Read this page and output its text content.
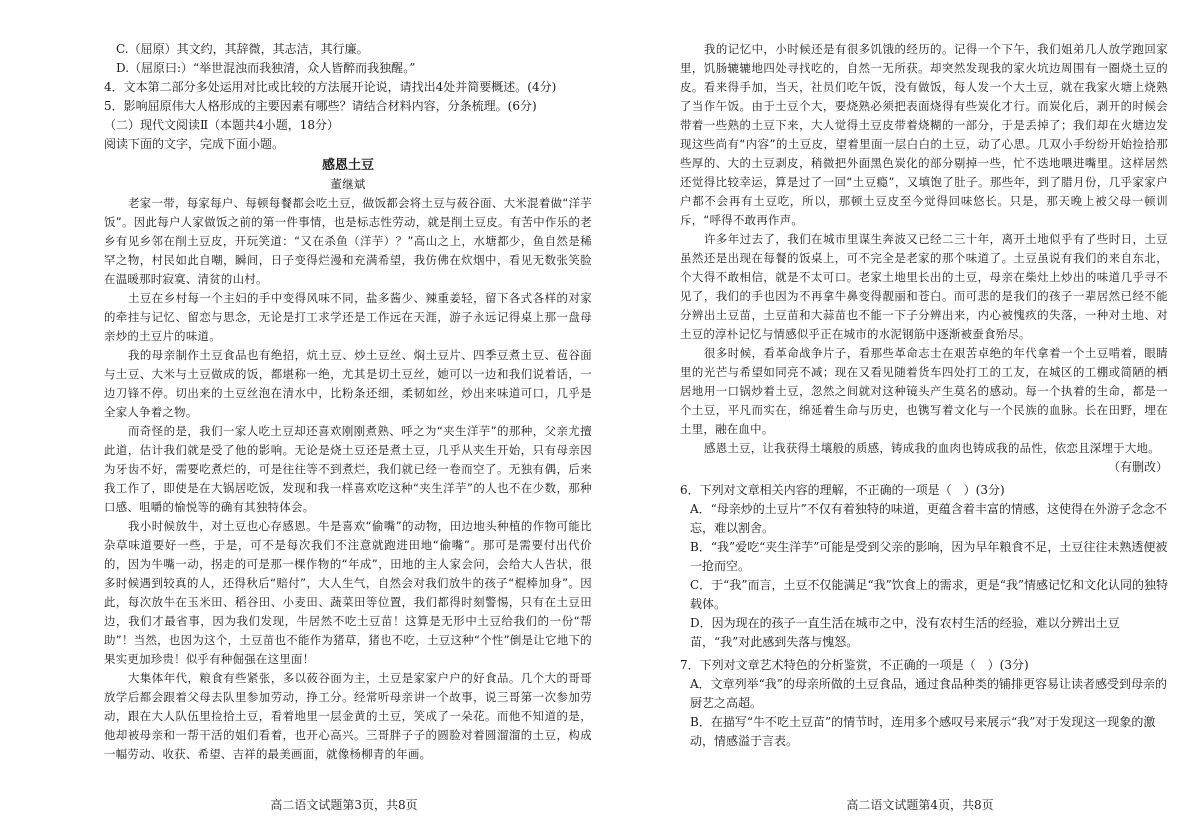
C.（屈原）其文约，其辞微，其志洁，其行廉。
D.（屈原曰:）“举世混浊而我独清，众人皆醉而我独醒。”
4．文本第二部分多处运用对比或比较的方法展开论说，请找出4处并简要概述。(4分)
5．影响屈原伟大人格形成的主要因素有哪些？请结合材料内容，分条梳理。(6分)
（二）现代文阅读Ⅱ（本题共4小题，18分）
阅读下面的文字，完成下面小题。
感恩土豆
董继斌

老家一带，每家每户、每顿每餐都会吃土豆，做饭都会将土豆与莜谷面、大米混着做“洋芋饭”。因此每户人家做饭之前的第一件事情，也是标志性劳动，就是削土豆皮。有苦中作乐的老乡有见乡邻在削土豆皮，开玩笑道：“又在杀鱼（洋芋）？”高山之上，水塘都少，鱼自然是稀罕之物，村民如此自嘲，瞬间，日子变得烂漫和充满希望，我仿佛在炊烟中，看见无数张笑脸在温暖那时寂寞、清贫的山村。

土豆在乡村每一个主妇的手中变得风味不同，盐多酱少、辣重姜轻，留下各式各样的对家的牵挂与记忆、留恋与思念，无论是打工求学还是工作远在天涯，游子永远记得桌上那一盘母亲炒的土豆片的味道。

我的母亲制作土豆食品也有绝招，炕土豆、炒土豆丝、焖土豆片、四季豆煮土豆、苞谷面与土豆、大米与土豆做成的饭，都堪称一绝，尤其是切土豆丝，她可以一边和我们说着话，一边刀锋不停。切出来的土豆丝泡在清水中，比粉条还细，柔韧如丝，炒出来味道可口，几乎是全家人争着之物。

而奇怪的是，我们一家人吃土豆却还喜欢刚刚煮熟、呼之为“夹生洋芋”的那种，父亲尤擅此道，估计我们就是受了他的影响。无论是烧土豆还是煮土豆，几乎从夹生开始，只有母亲因为牙齿不好，需要吃煮烂的，可是往往等不到煮烂，我们就已经一卷而空了。无独有偶，后来我工作了，即使是在大锅居吃饭，发现和我一样喜欢吃这种“夹生洋芋”的人也不在少数，那种口感、咀嚼的愉悦等的确有其独特体会。

我小时候放牛，对土豆也心存感恩。牛是喜欢“偷嘴”的动物，田边地头种植的作物可能比杂草味道要好一些，于是，可不是每次我们不注意就跑进田地“偷嘴”。那可是需要付出代价的，因为牛嘴一动，拐走的可是那一棵作物的“年成”，田地的主人家会问，会给大人告状，很多时候遇到较真的人，还得秋后“赔付”，大人生气，自然会对我们放牛的孩子“棍棒加身”。因此，每次放牛在玉米田、稻谷田、小麦田、蔬菜田等位置，我们都得时刻警惕，只有在土豆田边，我们才最省事，因为我们发现，牛居然不吃土豆苗！这算是无形中土豆给我们的一份“帮助”！当然，也因为这个，土豆苗也不能作为猪草，猪也不吃，土豆这种“个性”倒是让它地下的果实更加珍贵！似乎有种倔强在这里面！

大集体年代，粮食有些紧张，多以莜谷面为主，土豆是家家户户的好食品。几个大的哥哥放学后都会跟着父母去队里参加劳动，挣工分。经常听母亲讲一个故事，说三哥第一次参加劳动，跟在大人队伍里捡拾土豆，看着地里一层金黄的土豆，笑成了一朵花。而他不知道的是，他却被母亲和一帮干活的姐们看着，也开心高兴。三哥胖子子的圆脸对着圆溜溜的土豆，构成一幅劳动、收获、希望、吉祥的最美画面，就像杨柳青的年画。

我的记忆中，小时候还是有很多饥饿的经历的。记得一个下午，我们姐弟几人放学跑回家里，饥肠辘辘地四处寻找吃的，自然一无所获。却突然发现我的家火坑边周围有一圈烧土豆的皮。看来得手加，当天，社员们吃午饭，没有做饭，每人发一个大土豆，就在我家火塘上烧熟了当作午饭。由于土豆个大，要烧熟必须把表面烧得有些炭化才行。而炭化后，剥开的时候会带着一些熟的土豆下来，大人觉得土豆皮带着烧糊的一部分，于是丢掉了；我们却在火塘边发现这些尚有“内容”的土豆皮，望着里面一层白白的土豆，动了心思。几双小手纷纷开始捡拾那些厚的、大的土豆剥皮，稍微把外面黑色炭化的部分剔掉一些，忙不迭地喂进嘴里。这样居然还觉得比较幸运，算是过了一回“土豆瘾”，又填饱了肚子。那些年，到了腊月份，几乎家家户户都不会再有土豆吃，所以，那顿土豆皮至今觉得回味悠长。只是，那天晚上被父母一顿训斥，“呼得不敢再作声。

许多年过去了，我们在城市里谋生奔波又已经二三十年，离开土地似乎有了些时日，土豆虽然还是出现在每餐的饭桌上，可不完全是老家的那个味道了。土豆虽说有我们的来自东北，个大得不敢相信，就是不太可口。老家土地里长出的土豆，母亲在柴灶上炒出的味道几乎寻不见了，我们的手也因为不再拿牛鼻变得靓丽和苍白。而可悲的是我们的孩子一辈居然已经不能分辨出土豆苗，土豆苗和大蒜苗也不能一下子分辨出来，内心被愧疚的失落，一种对土地、对土豆的淳朴记忆与情感似乎正在城市的水泥钢筋中逐渐被蚕食殆尽。

很多时候，看革命战争片子，看那些革命志士在艰苦卓绝的年代拿着一个土豆啃着，眼睛里的光芒与希望如同亮不减；现在又看见随着货车四处打工的工友，在城区的工棚或简陋的栖居地用一口锅炒着土豆，忽然之间就对这种镜头产生莫名的感动。每一个执着的生命，都是一个土豆，平凡而实在，绵延着生命与历史，也镌写着文化与一个民族的血脉。长在田野，埋在土里，融在血中。

感恩土豆，让我获得土壤般的质感，铸成我的血肉也铸成我的品性，依恋且深埋于大地。

（有删改）

6．下列对文章相关内容的理解，不正确的一项是（　）(3分)

A．“母亲炒的土豆片”不仅有着独特的味道，更蕴含着丰富的情感，这使得在外游子念念不忘，难以割舍。

B．“我”爱吃“夹生洋芋”可能是受到父亲的影响，因为早年粮食不足，土豆往往未熟透便被一抢而空。

C．于“我”而言，土豆不仅能满足“我”饮食上的需求，更是“我”情感记忆和文化认同的独特载体。

D．因为现在的孩子一直生活在城市之中，没有农村生活的经验，难以分辨出土豆苗，“我”对此感到失落与愧怒。

7．下列对文章艺术特色的分析鉴赏，不正确的一项是（　）(3分)

A．文章列举“我”的母亲所做的土豆食品，通过食品种类的铺排更容易让读者感受到母亲的厨艺之高超。

B．在描写“牛不吃土豆苗”的情节时，连用多个感叹号来展示“我”对于发现这一现象的激动，情感溢于言表。

高二语文试题第3页，共8页	高二语文试题第4页，共8页
